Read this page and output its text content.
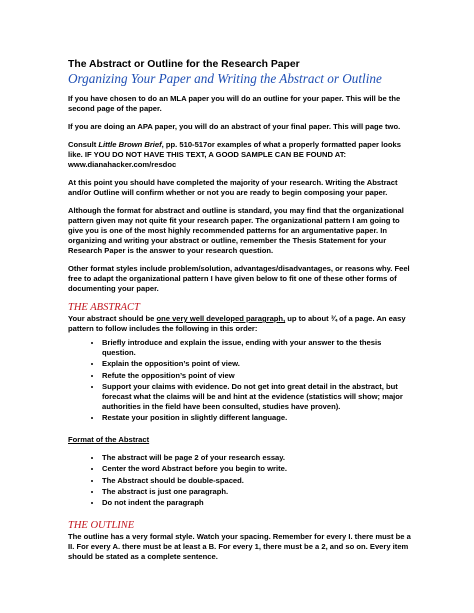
The Abstract or Outline for the Research Paper
Organizing Your Paper and Writing the Abstract or Outline

If you have chosen to do an MLA paper you will do an outline for your paper. This will be the second page of the paper.

If you are doing an APA paper, you will do an abstract of your final paper. This will page two.

Consult Little Brown Brief, pp. 510-517or examples of what a properly formatted paper looks like. IF YOU DO NOT HAVE THIS TEXT, A GOOD SAMPLE CAN BE FOUND AT: www.dianahacker.com/resdoc

At this point you should have completed the majority of your research. Writing the Abstract and/or Outline will confirm whether or not you are ready to begin composing your paper.

Although the format for abstract and outline is standard, you may find that the organizational pattern given may not quite fit your research paper. The organizational pattern I am going to give you is one of the most highly recommended patterns for an argumentative paper. In organizing and writing your abstract or outline, remember the Thesis Statement for your Research Paper is the answer to your research question.

Other format styles include problem/solution, advantages/disadvantages, or reasons why. Feel free to adapt the organizational pattern I have given below to fit one of these other forms of documenting your paper.

THE ABSTRACT

Your abstract should be one very well developed paragraph, up to about ¾ of a page. An easy pattern to follow includes the following in this order:

• Briefly introduce and explain the issue, ending with your answer to the thesis question.
• Explain the opposition’s point of view.
• Refute the opposition’s point of view
• Support your claims with evidence. Do not get into great detail in the abstract, but forecast what the claims will be and hint at the evidence (statistics will show; major authorities in the field have been consulted, studies have proven).
• Restate your position in slightly different language.
Format of the Abstract
• The abstract will be page 2 of your research essay.
• Center the word Abstract before you begin to write.
• The Abstract should be double-spaced.
• The abstract is just one paragraph.
• Do not indent the paragraph
THE OUTLINE

The outline has a very formal style. Watch your spacing. Remember for every I. there must be a II. For every A. there must be at least a B. For every 1, there must be a 2, and so on. Every item should be stated as a complete sentence.
